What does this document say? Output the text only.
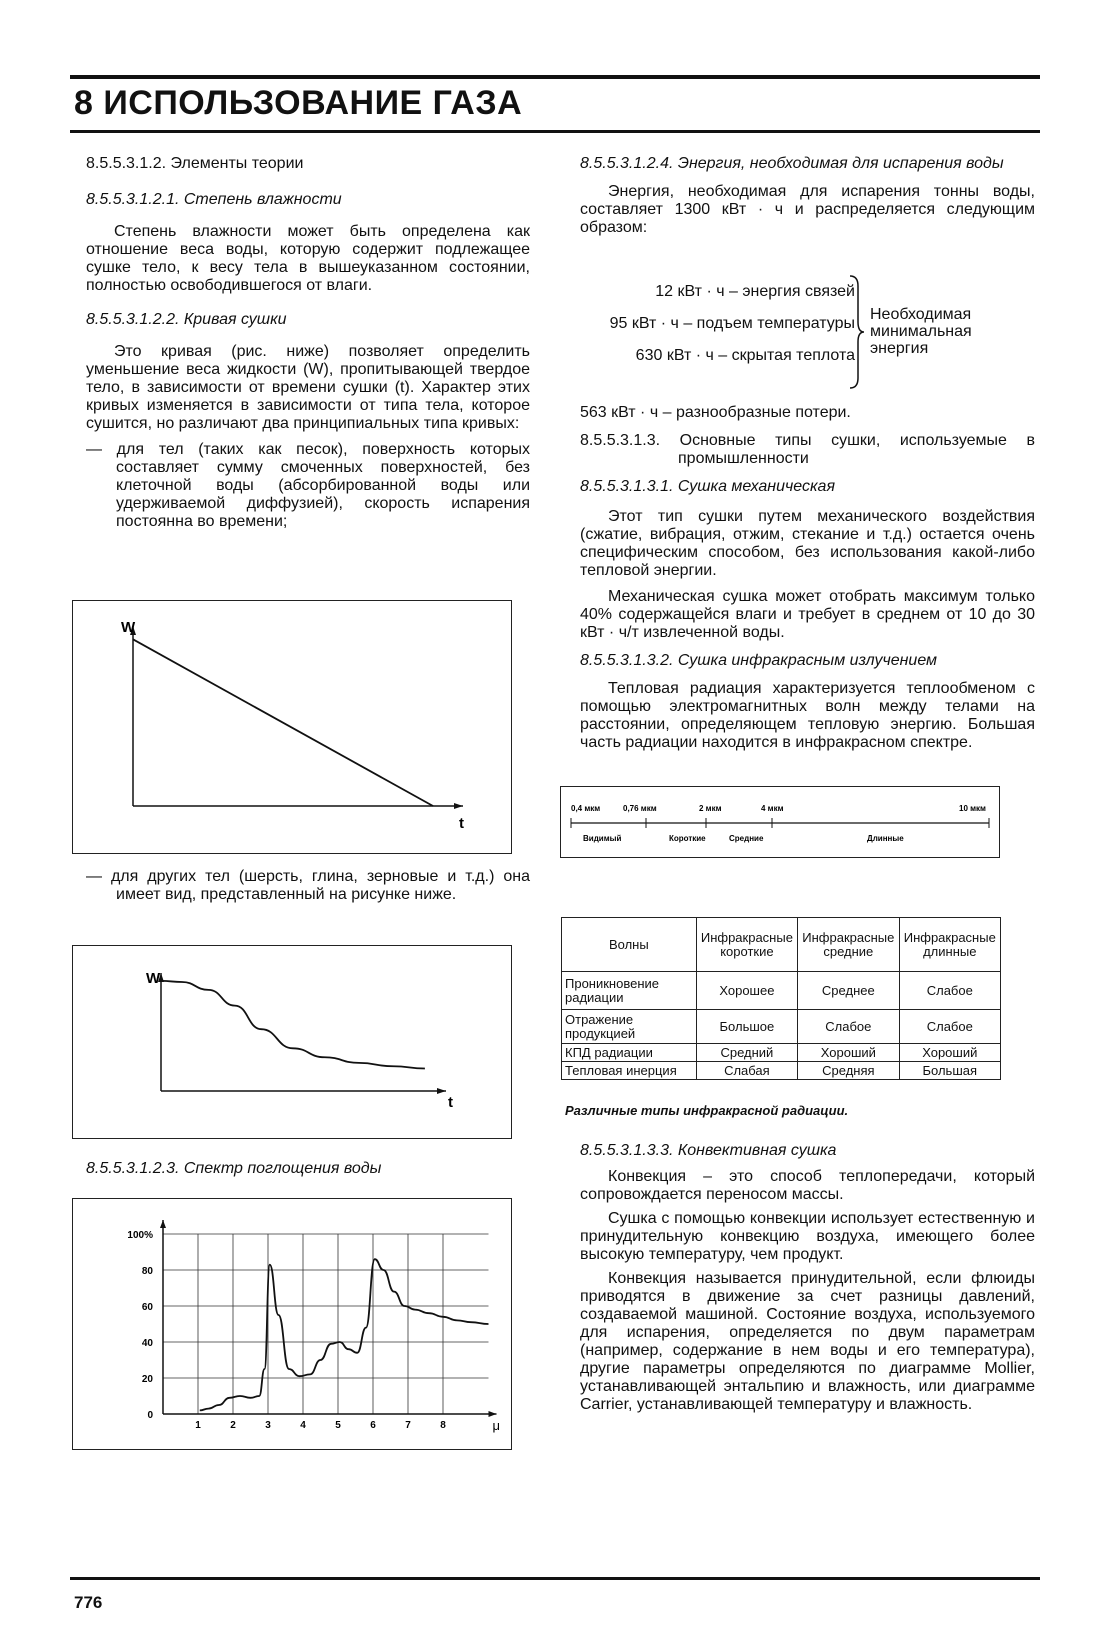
8 ИСПОЛЬЗОВАНИЕ ГАЗА
776
8.5.5.3.1.2. Элементы теории
8.5.5.3.1.2.1. Степень влажности

Степень влажности может быть определена как отношение веса воды, которую содержит подлежащее сушке тело, к весу тела в вышеуказанном состоянии, полностью освободившегося от влаги.

8.5.5.3.1.2.2. Кривая сушки

Это кривая (рис. ниже) позволяет определить уменьшение веса жидкости (W), пропитывающей твердое тело, в зависимости от времени сушки (t). Характер этих кривых изменяется в зависимости от типа тела, которое сушится, но различают два принципиальных типа кривых:

— для тел (таких как песок), поверхность которых составляет сумму смоченных поверхностей, без клеточной воды (абсорбированной воды или удерживаемой диффузией), скорость испарения постоянна во времени;
W
t
— для других тел (шерсть, глина, зерновые и т.д.) она имеет вид, представленный на рисунке ниже.
W
t
8.5.5.3.1.2.3. Спектр поглощения воды
0
20
40
60
80
100%
1	2	3	4	5	6	7	8	μ
8.5.5.3.1.2.4. Энергия, необходимая для испарения воды

Энергия, необходимая для испарения тонны воды, составляет 1300 кВт · ч и распределяется следующим образом:

12 кВт · ч – энергия связей
95 кВт · ч – подъем температуры
630 кВт · ч – скрытая теплота
Необходимая минимальная энергия
563 кВт · ч – разнообразные потери.
8.5.5.3.1.3. Основные типы сушки, используемые в промышленности
8.5.5.3.1.3.1. Сушка механическая

Этот тип сушки путем механического воздействия (сжатие, вибрация, отжим, стекание и т.д.) остается очень специфическим способом, без использования какой-либо тепловой энергии.

Механическая сушка может отобрать максимум только 40% содержащейся влаги и требует в среднем от 10 до 30 кВт · ч/т извлеченной воды.

8.5.5.3.1.3.2. Сушка инфракрасным излучением

Тепловая радиация характеризуется теплообменом с помощью электромагнитных волн между телами на расстоянии, определяющем тепловую энергию. Большая часть радиации находится в инфракрасном спектре.

0,4 мкм	0,76 мкм	2 мкм	4 мкм	10 мкм
Видимый	Короткие	Средние	Длинные
Волны	Инфракрасные короткие	Инфракрасные средние	Инфракрасные длинные
Проникновение радиации	Хорошее	Среднее	Слабое
Отражение продукцией	Большое	Слабое	Слабое
КПД радиации	Средний	Хороший	Хороший
Тепловая инерция	Слабая	Средняя	Большая
Различные типы инфракрасной радиации.
8.5.5.3.1.3.3. Конвективная сушка

Конвекция – это способ теплопередачи, который сопровождается переносом массы.

Сушка с помощью конвекции использует естественную и принудительную конвекцию воздуха, имеющего более высокую температуру, чем продукт.

Конвекция называется принудительной, если флюиды приводятся в движение за счет разницы давлений, создаваемой машиной. Состояние воздуха, используемого для испарения, определяется по двум параметрам (например, содержание в нем воды и его температура), другие параметры определяются по диаграмме Mollier, устанавливающей энтальпию и влажность, или диаграмме Carrier, устанавливающей температуру и влажность.
